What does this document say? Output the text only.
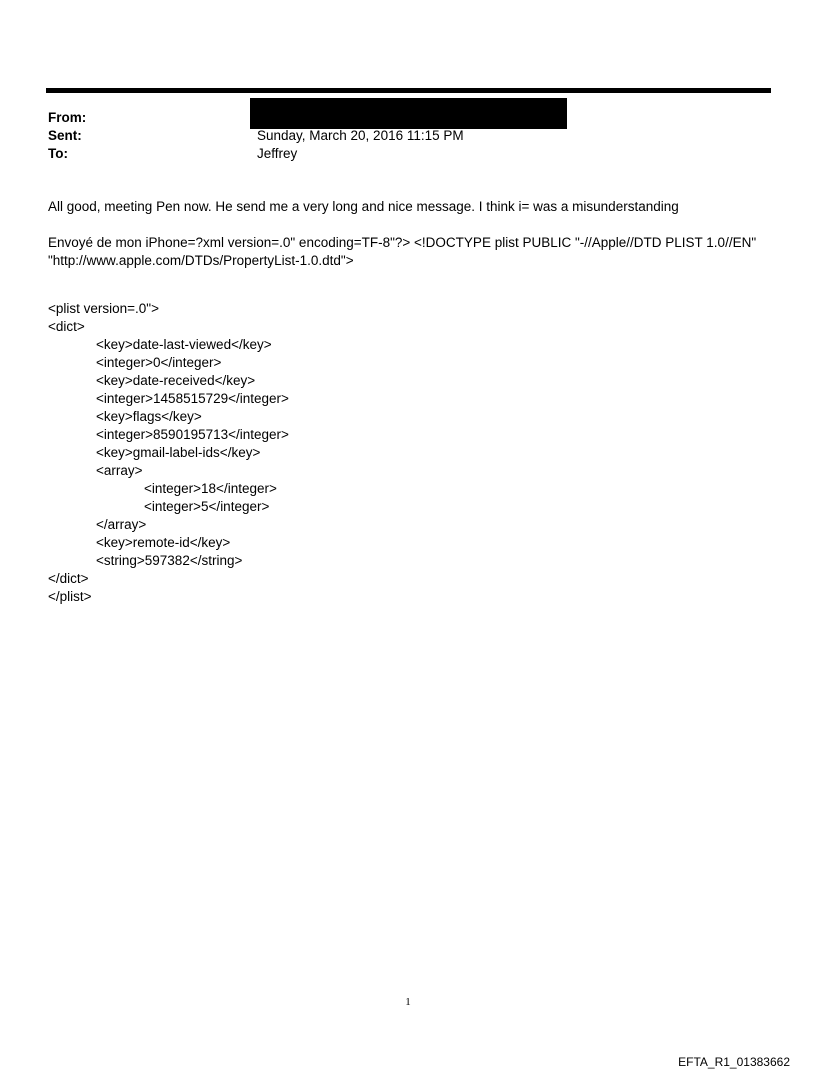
From:
Sent:	Sunday, March 20, 2016 11:15 PM
To:	Jeffrey
All good, meeting Pen now. He send me a very long and nice message. I think i= was a misunderstanding
Envoyé de mon iPhone=?xml version=.0" encoding=TF-8"?> <!DOCTYPE plist PUBLIC "-//Apple//DTD PLIST 1.0//EN"
"http://www.apple.com/DTDs/PropertyList-1.0.dtd">
<plist version=.0">
<dict>
<key>date-last-viewed</key>
<integer>0</integer>
<key>date-received</key>
<integer>1458515729</integer>
<key>flags</key>
<integer>8590195713</integer>
<key>gmail-label-ids</key>
<array>
<integer>18</integer>
<integer>5</integer>
</array>
<key>remote-id</key>
<string>597382</string>
</dict>
</plist>
1
EFTA_R1_01383662
